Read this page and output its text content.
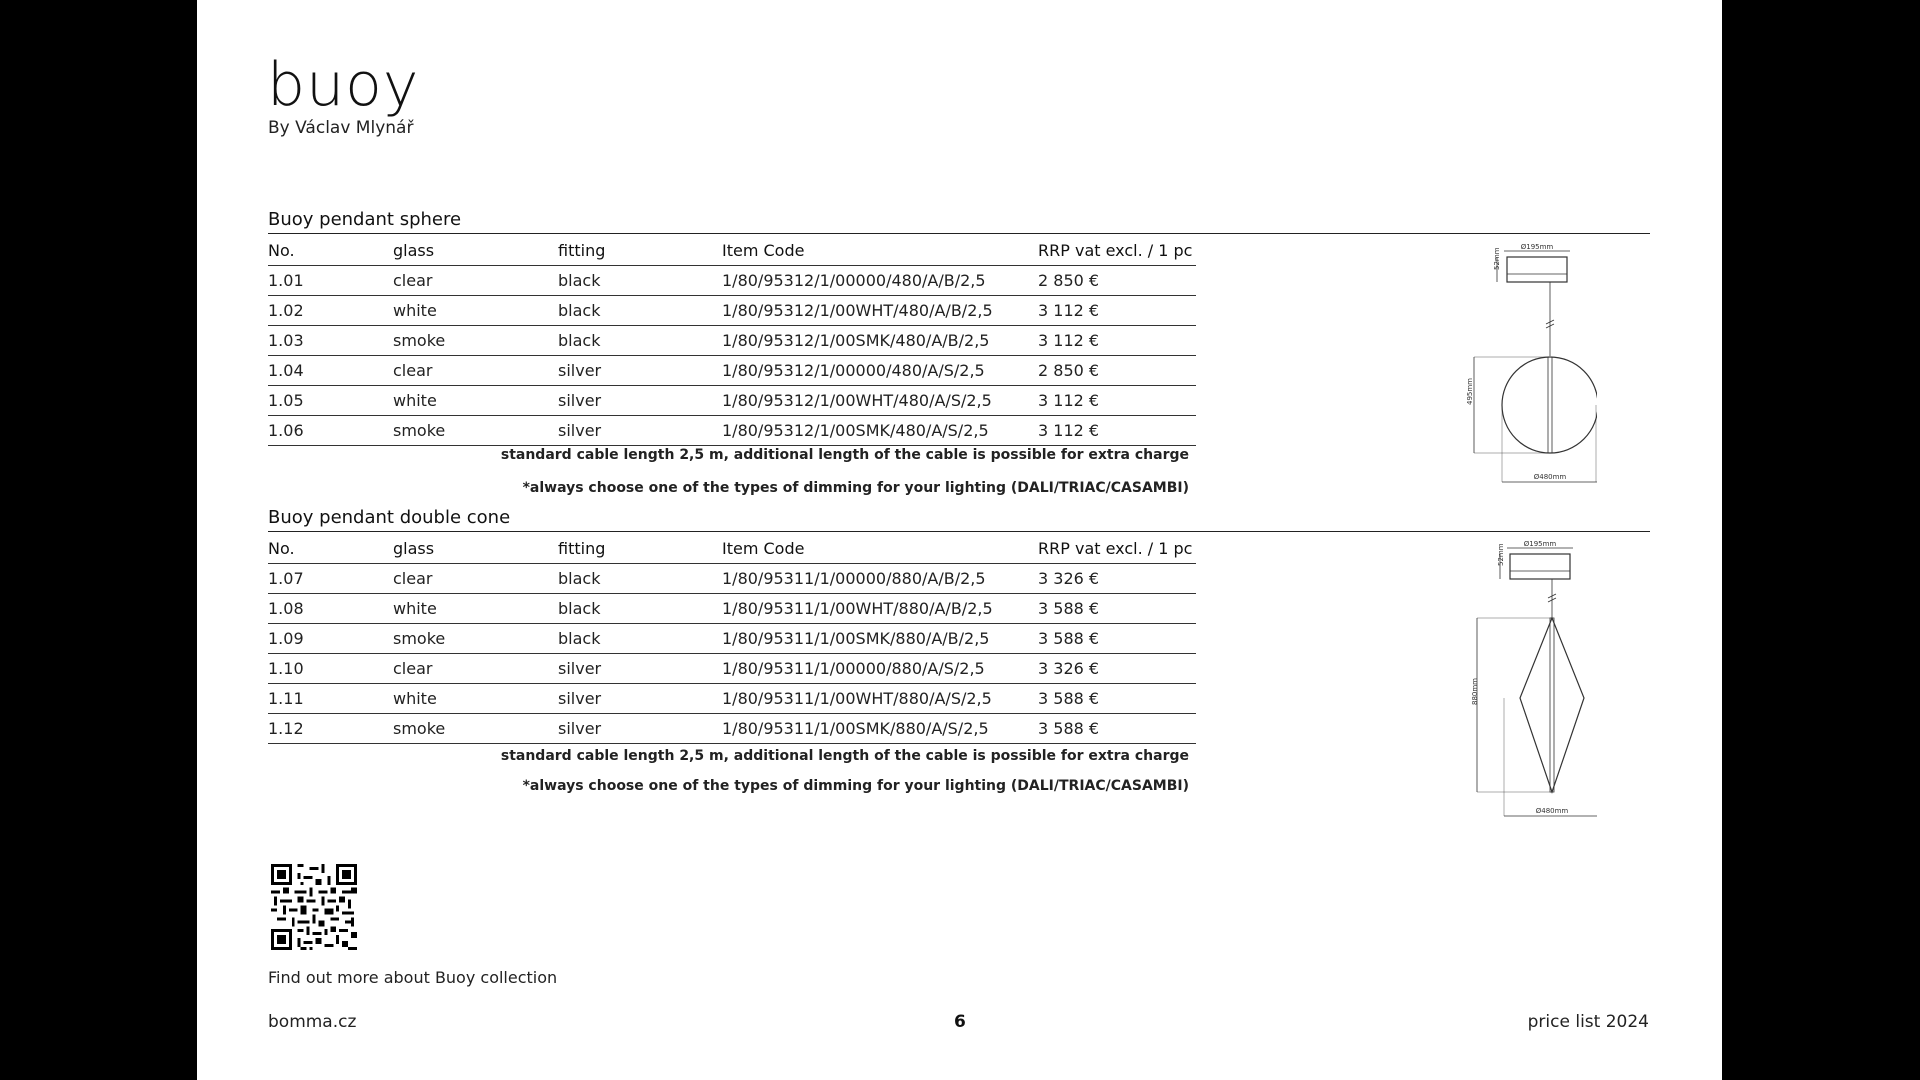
buoy
By Václav Mlynář
Buoy pendant sphere
No.	glass	fitting	Item Code	RRP vat excl. / 1 pc
1.01	clear	black	1/80/95312/1/00000/480/A/B/2,5	2 850 €
1.02	white	black	1/80/95312/1/00WHT/480/A/B/2,5	3 112 €
1.03	smoke	black	1/80/95312/1/00SMK/480/A/B/2,5	3 112 €
1.04	clear	silver	1/80/95312/1/00000/480/A/S/2,5	2 850 €
1.05	white	silver	1/80/95312/1/00WHT/480/A/S/2,5	3 112 €
1.06	smoke	silver	1/80/95312/1/00SMK/480/A/S/2,5	3 112 €
standard cable length 2,5 m, additional length of the cable is possible for extra charge
*always choose one of the types of dimming for your lighting (DALI/TRIAC/CASAMBI)
Ø195mm
52mm
495mm
Ø480mm
Buoy pendant double cone
No.	glass	fitting	Item Code	RRP vat excl. / 1 pc
1.07	clear	black	1/80/95311/1/00000/880/A/B/2,5	3 326 €
1.08	white	black	1/80/95311/1/00WHT/880/A/B/2,5	3 588 €
1.09	smoke	black	1/80/95311/1/00SMK/880/A/B/2,5	3 588 €
1.10	clear	silver	1/80/95311/1/00000/880/A/S/2,5	3 326 €
1.11	white	silver	1/80/95311/1/00WHT/880/A/S/2,5	3 588 €
1.12	smoke	silver	1/80/95311/1/00SMK/880/A/S/2,5	3 588 €
standard cable length 2,5 m, additional length of the cable is possible for extra charge
*always choose one of the types of dimming for your lighting (DALI/TRIAC/CASAMBI)
Ø195mm
52mm
880mm
Ø480mm
Find out more about Buoy collection
bomma.cz	6	price list 2024
